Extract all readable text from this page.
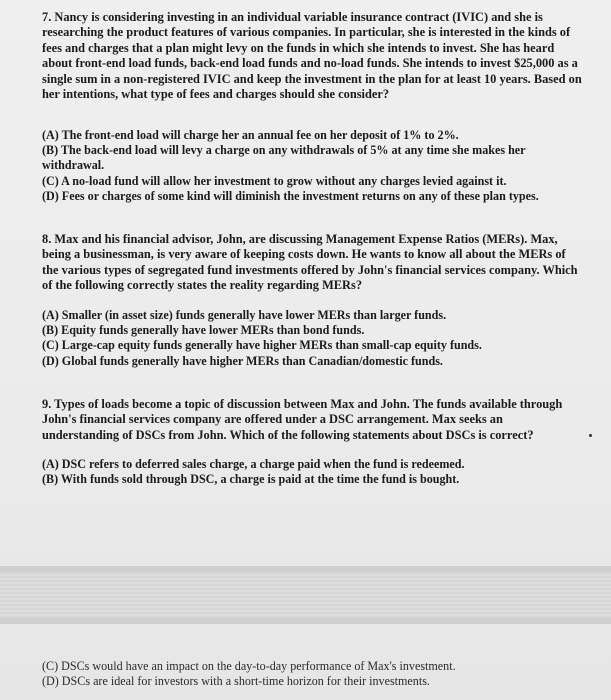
7. Nancy is considering investing in an individual variable insurance contract (IVIC) and she is researching the product features of various companies. In particular, she is interested in the kinds of fees and charges that a plan might levy on the funds in which she intends to invest. She has heard about front-end load funds, back-end load funds and no-load funds. She intends to invest $25,000 as a single sum in a non-registered IVIC and keep the investment in the plan for at least 10 years. Based on her intentions, what type of fees and charges should she consider?

(A) The front-end load will charge her an annual fee on her deposit of 1% to 2%.

(B) The back-end load will levy a charge on any withdrawals of 5% at any time she makes her withdrawal.

(C) A no-load fund will allow her investment to grow without any charges levied against it.

(D) Fees or charges of some kind will diminish the investment returns on any of these plan types.

8. Max and his financial advisor, John, are discussing Management Expense Ratios (MERs). Max, being a businessman, is very aware of keeping costs down. He wants to know all about the MERs of the various types of segregated fund investments offered by John's financial services company. Which of the following correctly states the reality regarding MERs?

(A) Smaller (in asset size) funds generally have lower MERs than larger funds.

(B) Equity funds generally have lower MERs than bond funds.

(C) Large-cap equity funds generally have higher MERs than small-cap equity funds.

(D) Global funds generally have higher MERs than Canadian/domestic funds.

9. Types of loads become a topic of discussion between Max and John. The funds available through John's financial services company are offered under a DSC arrangement. Max seeks an understanding of DSCs from John. Which of the following statements about DSCs is correct?

(A) DSC refers to deferred sales charge, a charge paid when the fund is redeemed.

(B) With funds sold through DSC, a charge is paid at the time the fund is bought.

(C) DSCs would have an impact on the day-to-day performance of Max's investment.

(D) DSCs are ideal for investors with a short-time horizon for their investments.
